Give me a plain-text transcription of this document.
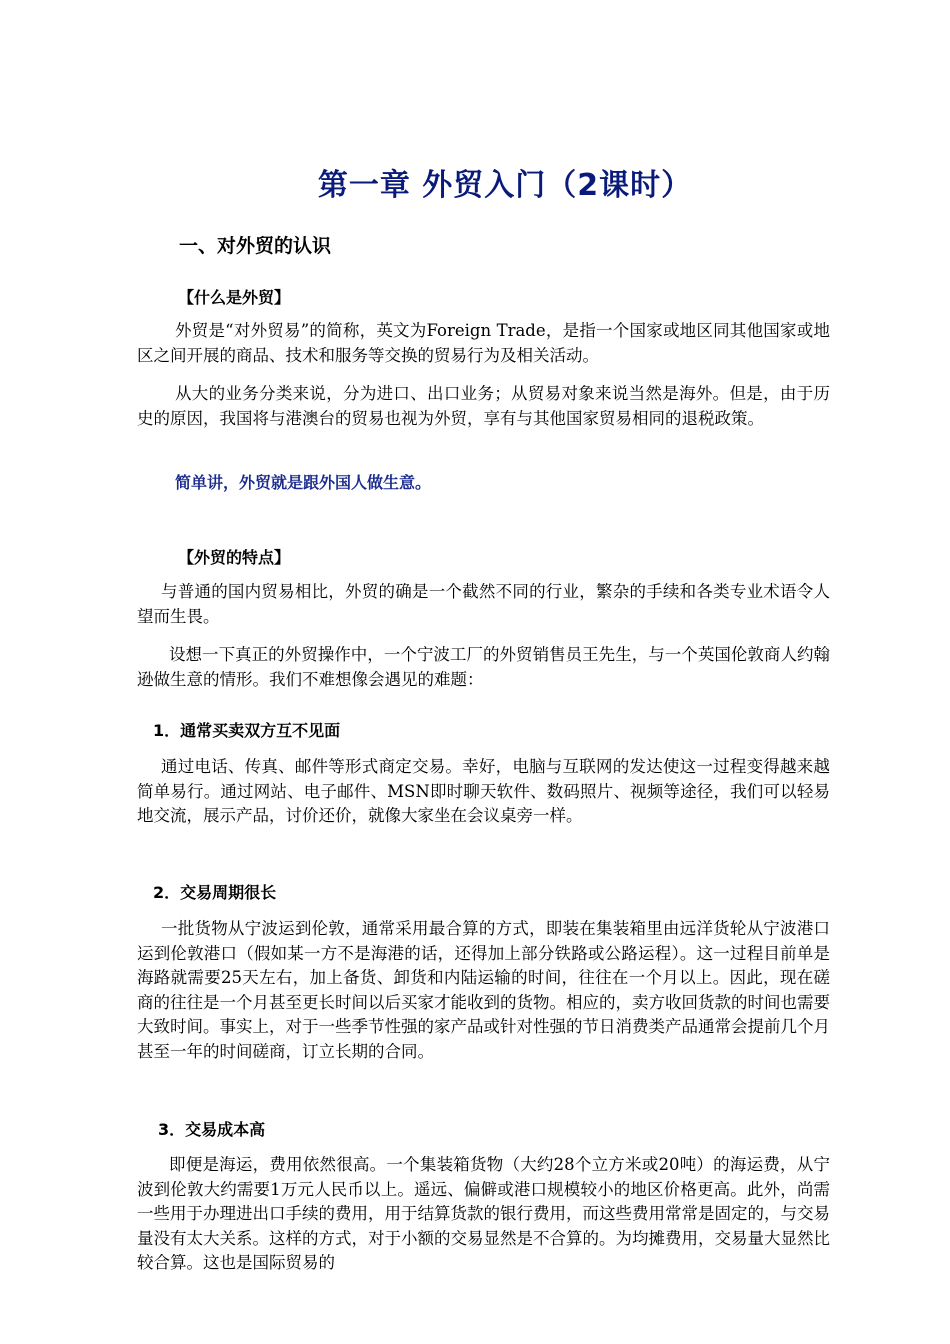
第一章 外贸入门（2课时）
一、对外贸的认识
【什么是外贸】

外贸是“对外贸易”的简称，英文为Foreign Trade，是指一个国家或地区同其他国家或地区之间开展的商品、技术和服务等交换的贸易行为及相关活动。

从大的业务分类来说，分为进口、出口业务；从贸易对象来说当然是海外。但是，由于历史的原因，我国将与港澳台的贸易也视为外贸，享有与其他国家贸易相同的退税政策。

简单讲，外贸就是跟外国人做生意。
【外贸的特点】

与普通的国内贸易相比，外贸的确是一个截然不同的行业，繁杂的手续和各类专业术语令人望而生畏。

设想一下真正的外贸操作中，一个宁波工厂的外贸销售员王先生，与一个英国伦敦商人约翰逊做生意的情形。我们不难想像会遇见的难题：

1．通常买卖双方互不见面

通过电话、传真、邮件等形式商定交易。幸好，电脑与互联网的发达使这一过程变得越来越简单易行。通过网站、电子邮件、MSN即时聊天软件、数码照片、视频等途径，我们可以轻易地交流，展示产品，讨价还价，就像大家坐在会议桌旁一样。

2．交易周期很长

一批货物从宁波运到伦敦，通常采用最合算的方式，即装在集装箱里由远洋货轮从宁波港口运到伦敦港口（假如某一方不是海港的话，还得加上部分铁路或公路运程）。这一过程目前单是海路就需要25天左右，加上备货、卸货和内陆运输的时间，往往在一个月以上。因此，现在磋商的往往是一个月甚至更长时间以后买家才能收到的货物。相应的，卖方收回货款的时间也需要大致时间。事实上，对于一些季节性强的家产品或针对性强的节日消费类产品通常会提前几个月甚至一年的时间磋商，订立长期的合同。

3．交易成本高

即便是海运，费用依然很高。一个集装箱货物（大约28个立方米或20吨）的海运费，从宁波到伦敦大约需要1万元人民币以上。遥远、偏僻或港口规模较小的地区价格更高。此外，尚需一些用于办理进出口手续的费用，用于结算货款的银行费用，而这些费用常常是固定的，与交易量没有太大关系。这样的方式，对于小额的交易显然是不合算的。为均摊费用，交易量大显然比较合算。这也是国际贸易的
